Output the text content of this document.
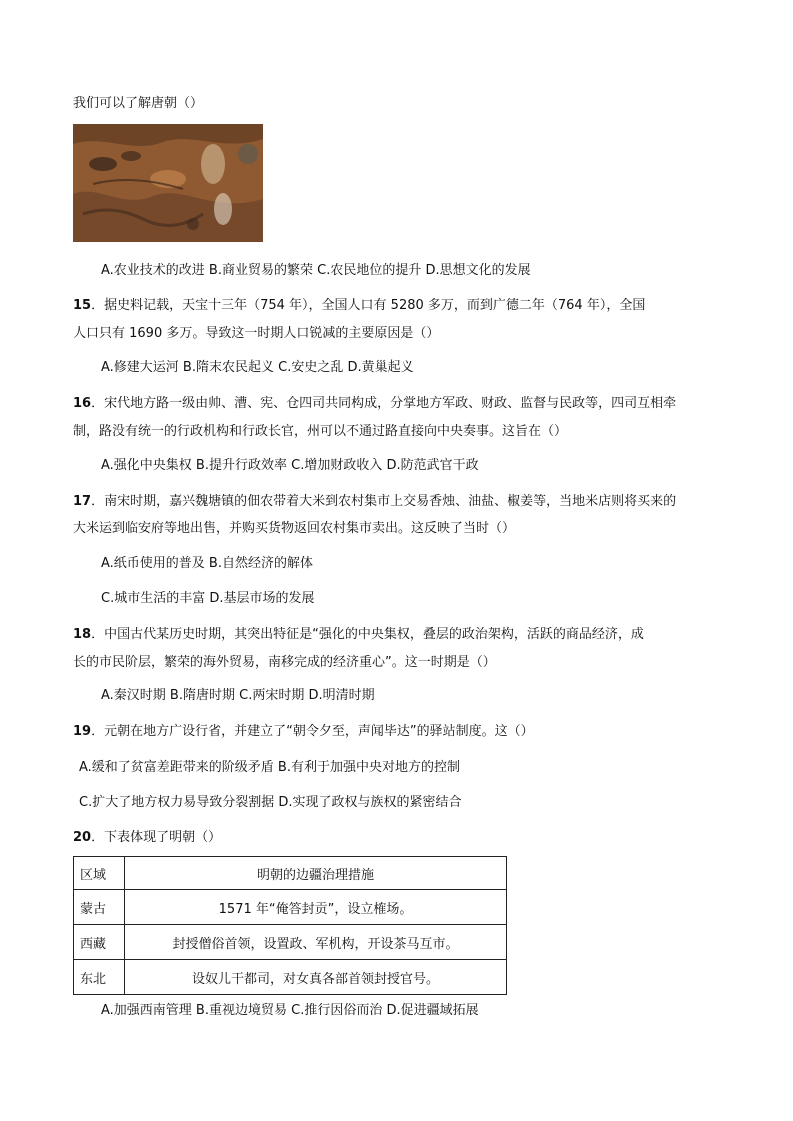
我们可以了解唐朝（）
A.农业技术的改进 B.商业贸易的繁荣 C.农民地位的提升 D.思想文化的发展
15．据史料记载，天宝十三年（754 年），全国人口有 5280 多万，而到广德二年（764 年），全国
人口只有 1690 多万。导致这一时期人口锐减的主要原因是（）
A.修建大运河 B.隋末农民起义 C.安史之乱 D.黄巢起义
16．宋代地方路一级由帅、漕、宪、仓四司共同构成，分掌地方军政、财政、监督与民政等，四司互相牵
制，路没有统一的行政机构和行政长官，州可以不通过路直接向中央奏事。这旨在（）
A.强化中央集权 B.提升行政效率 C.增加财政收入 D.防范武官干政
17．南宋时期，嘉兴魏塘镇的佃农带着大米到农村集市上交易香烛、油盐、椒姜等，当地米店则将买来的
大米运到临安府等地出售，并购买货物返回农村集市卖出。这反映了当时（）
A.纸币使用的普及 B.自然经济的解体
C.城市生活的丰富 D.基层市场的发展
18．中国古代某历史时期，其突出特征是“强化的中央集权，叠层的政治架构，活跃的商品经济，成
长的市民阶层，繁荣的海外贸易，南移完成的经济重心”。这一时期是（）
A.秦汉时期 B.隋唐时期 C.两宋时期 D.明清时期
19．元朝在地方广设行省，并建立了“朝令夕至，声闻毕达”的驿站制度。这（）
A.缓和了贫富差距带来的阶级矛盾 B.有利于加强中央对地方的控制
C.扩大了地方权力易导致分裂割据 D.实现了政权与族权的紧密结合
20．下表体现了明朝（）
区域	明朝的边疆治理措施
蒙古	1571 年“俺答封贡”，设立榷场。
西藏	封授僧俗首领，设置政、军机构，开设茶马互市。
东北	设奴儿干都司，对女真各部首领封授官号。
A.加强西南管理 B.重视边境贸易 C.推行因俗而治 D.促进疆域拓展
